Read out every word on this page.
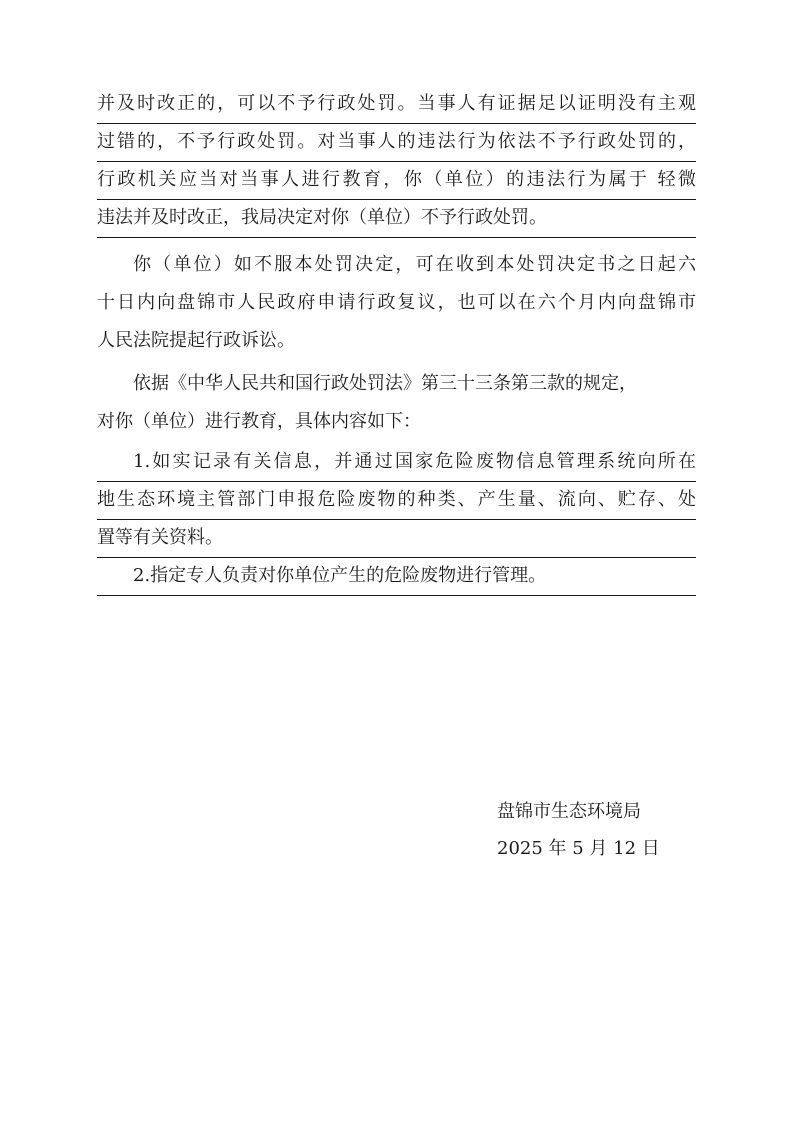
并及时改正的，可以不予行政处罚。当事人有证据足以证明没有主观
过错的，不予行政处罚。对当事人的违法行为依法不予行政处罚的，
行政机关应当对当事人进行教育，你（单位）的违法行为属于 轻微
违法并及时改正，我局决定对你（单位）不予行政处罚。
你（单位）如不服本处罚决定，可在收到本处罚决定书之日起六
十日内向盘锦市人民政府申请行政复议，也可以在六个月内向盘锦市
人民法院提起行政诉讼。
依据《中华人民共和国行政处罚法》第三十三条第三款的规定，
对你（单位）进行教育，具体内容如下：
1.如实记录有关信息，并通过国家危险废物信息管理系统向所在
地生态环境主管部门申报危险废物的种类、产生量、流向、贮存、处
置等有关资料。
2.指定专人负责对你单位产生的危险废物进行管理。
盘锦市生态环境局
2025 年 5 月 12 日
